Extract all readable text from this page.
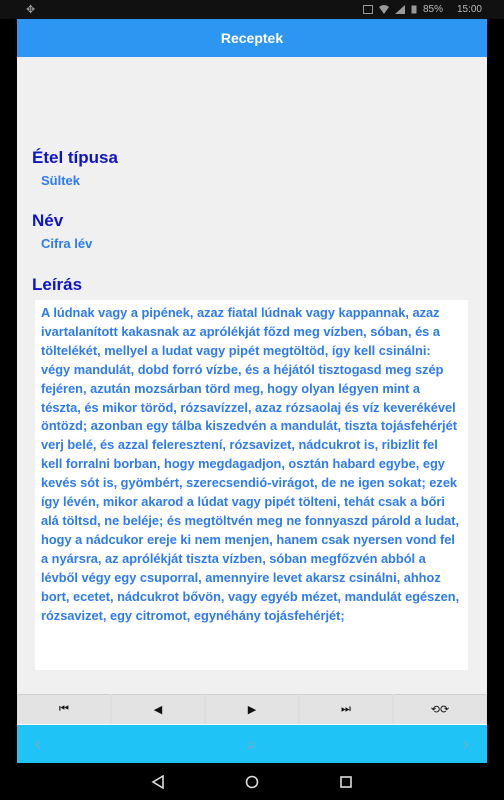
✥	85% 15:00
Receptek
Étel típusa
Sültek
Név
Cifra lév
Leírás
A lúdnak vagy a pipének, azaz fiatal lúdnak vagy kappannak, azaz ivartalanított kakasnak az aprólékját főzd meg vízben, sóban, és a töltelékét, mellyel a ludat vagy pipét megtöltöd, így kell csinálni: végy mandulát, dobd forró vízbe, és a héjától tisztogasd meg szép fejéren, azután mozsárban törd meg, hogy olyan légyen mint a tészta, és mikor töröd, rózsavízzel, azaz rózsaolaj és víz keverékével öntözd; azonban egy tálba kiszedvén a mandulát, tiszta tojásfehérjét verj belé, és azzal feleresztení, rózsavizet, nádcukrot is, ribizlit fel kell forralni borban, hogy megdagadjon, osztán habard egybe, egy kevés sót is, gyömbért, szerecsendió-virágot, de ne igen sokat; ezek így lévén, mikor akarod a lúdat vagy pipét tölteni, tehát csak a bőri alá töltsd, ne beléje; és megtöltvén meg ne fonnyaszd párold a ludat, hogy a nádcukor ereje ki nem menjen, hanem csak nyersen vond fel a nyársra, az aprólékját tiszta vízben, sóban megfőzvén abból a lévből végy egy csuporral, amennyire levet akarsz csinálni, ahhoz bort, ecetet, nádcukrot bővön, vagy egyéb mézet, mandulát egészen, rózsavizet, egy citromot, egynéhány tojásfehérjét;
⏮	◀	▶	⏭	⟲⟳
‹	⌕	›
